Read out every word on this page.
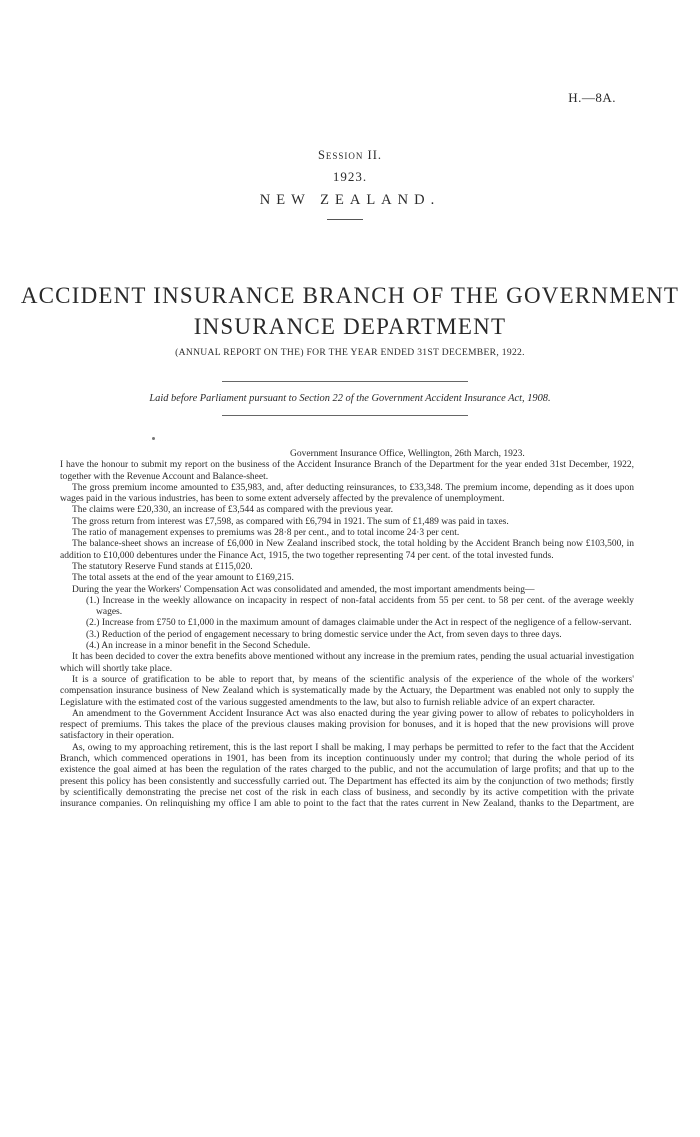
H.—8A.
Session II.
1923.
NEW ZEALAND.
ACCIDENT INSURANCE BRANCH OF THE GOVERNMENT
INSURANCE DEPARTMENT
(ANNUAL REPORT ON THE) FOR THE YEAR ENDED 31ST DECEMBER, 1922.
Laid before Parliament pursuant to Section 22 of the Government Accident Insurance Act, 1908.

Government Insurance Office, Wellington, 26th March, 1923.

I have the honour to submit my report on the business of the Accident Insurance Branch of the Department for the year ended 31st December, 1922, together with the Revenue Account and Balance-sheet.

The gross premium income amounted to £35,983, and, after deducting reinsurances, to £33,348. The premium income, depending as it does upon wages paid in the various industries, has been to some extent adversely affected by the prevalence of unemployment.

The claims were £20,330, an increase of £3,544 as compared with the previous year.

The gross return from interest was £7,598, as compared with £6,794 in 1921. The sum of £1,489 was paid in taxes.

The ratio of management expenses to premiums was 28·8 per cent., and to total income 24·3 per cent.

The balance-sheet shows an increase of £6,000 in New Zealand inscribed stock, the total holding by the Accident Branch being now £103,500, in addition to £10,000 debentures under the Finance Act, 1915, the two together representing 74 per cent. of the total invested funds.

The statutory Reserve Fund stands at £115,020.

The total assets at the end of the year amount to £169,215.

During the year the Workers' Compensation Act was consolidated and amended, the most important amendments being—

(1.) Increase in the weekly allowance on incapacity in respect of non-fatal accidents from 55 per cent. to 58 per cent. of the average weekly wages.

(2.) Increase from £750 to £1,000 in the maximum amount of damages claimable under the Act in respect of the negligence of a fellow-servant.

(3.) Reduction of the period of engagement necessary to bring domestic service under the Act, from seven days to three days.

(4.) An increase in a minor benefit in the Second Schedule.

It has been decided to cover the extra benefits above mentioned without any increase in the premium rates, pending the usual actuarial investigation which will shortly take place.

It is a source of gratification to be able to report that, by means of the scientific analysis of the experience of the whole of the workers' compensation insurance business of New Zealand which is systematically made by the Actuary, the Department was enabled not only to supply the Legislature with the estimated cost of the various suggested amendments to the law, but also to furnish reliable advice of an expert character.

An amendment to the Government Accident Insurance Act was also enacted during the year giving power to allow of rebates to policyholders in respect of premiums. This takes the place of the previous clauses making provision for bonuses, and it is hoped that the new provisions will prove satisfactory in their operation.

As, owing to my approaching retirement, this is the last report I shall be making, I may perhaps be permitted to refer to the fact that the Accident Branch, which commenced operations in 1901, has been from its inception continuously under my control; that during the whole period of its existence the goal aimed at has been the regulation of the rates charged to the public, and not the accumulation of large profits; and that up to the present this policy has been consistently and successfully carried out. The Department has effected its aim by the conjunction of two methods; firstly by scientifically demonstrating the precise net cost of the risk in each class of business, and secondly by its active competition with the private insurance companies. On relinquishing my office I am able to point to the fact that the rates current in New Zealand, thanks to the Department, are
